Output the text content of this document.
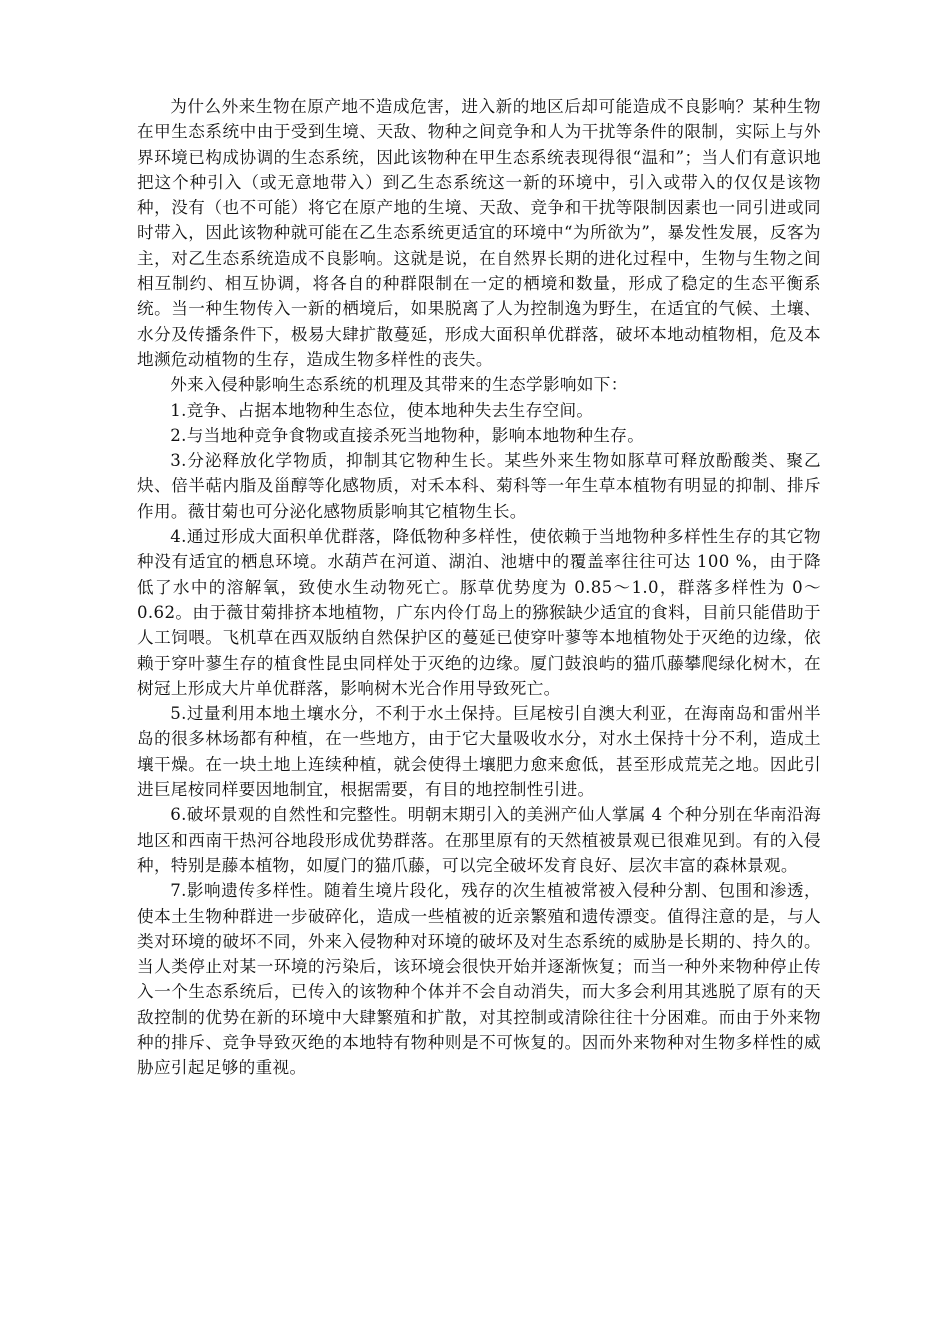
为什么外来生物在原产地不造成危害，进入新的地区后却可能造成不良影响？某种生物在甲生态系统中由于受到生境、天敌、物种之间竞争和人为干扰等条件的限制，实际上与外界环境已构成协调的生态系统，因此该物种在甲生态系统表现得很“温和”；当人们有意识地把这个种引入（或无意地带入）到乙生态系统这一新的环境中，引入或带入的仅仅是该物种，没有（也不可能）将它在原产地的生境、天敌、竞争和干扰等限制因素也一同引进或同时带入，因此该物种就可能在乙生态系统更适宜的环境中“为所欲为”，暴发性发展，反客为主，对乙生态系统造成不良影响。这就是说，在自然界长期的进化过程中，生物与生物之间相互制约、相互协调，将各自的种群限制在一定的栖境和数量，形成了稳定的生态平衡系统。当一种生物传入一新的栖境后，如果脱离了人为控制逸为野生，在适宜的气候、土壤、水分及传播条件下，极易大肆扩散蔓延，形成大面积单优群落，破坏本地动植物相，危及本地濒危动植物的生存，造成生物多样性的丧失。

外来入侵种影响生态系统的机理及其带来的生态学影响如下：

1.竞争、占据本地物种生态位，使本地种失去生存空间。

2.与当地种竞争食物或直接杀死当地物种，影响本地物种生存。

3.分泌释放化学物质，抑制其它物种生长。某些外来生物如豚草可释放酚酸类、聚乙炔、倍半萜内脂及甾醇等化感物质，对禾本科、菊科等一年生草本植物有明显的抑制、排斥作用。薇甘菊也可分泌化感物质影响其它植物生长。

4.通过形成大面积单优群落，降低物种多样性，使依赖于当地物种多样性生存的其它物种没有适宜的栖息环境。水葫芦在河道、湖泊、池塘中的覆盖率往往可达 100 %，由于降低了水中的溶解氧，致使水生动物死亡。豚草优势度为 0.85～1.0，群落多样性为 0～0.62。由于薇甘菊排挤本地植物，广东内伶仃岛上的猕猴缺少适宜的食料，目前只能借助于人工饲喂。飞机草在西双版纳自然保护区的蔓延已使穿叶蓼等本地植物处于灭绝的边缘，依赖于穿叶蓼生存的植食性昆虫同样处于灭绝的边缘。厦门鼓浪屿的猫爪藤攀爬绿化树木，在树冠上形成大片单优群落，影响树木光合作用导致死亡。

5.过量利用本地土壤水分，不利于水土保持。巨尾桉引自澳大利亚，在海南岛和雷州半岛的很多林场都有种植，在一些地方，由于它大量吸收水分，对水土保持十分不利，造成土壤干燥。在一块土地上连续种植，就会使得土壤肥力愈来愈低，甚至形成荒芜之地。因此引进巨尾桉同样要因地制宜，根据需要，有目的地控制性引进。

6.破坏景观的自然性和完整性。明朝末期引入的美洲产仙人掌属 4 个种分别在华南沿海地区和西南干热河谷地段形成优势群落。在那里原有的天然植被景观已很难见到。有的入侵种，特别是藤本植物，如厦门的猫爪藤，可以完全破坏发育良好、层次丰富的森林景观。

7.影响遗传多样性。随着生境片段化，残存的次生植被常被入侵种分割、包围和渗透，使本土生物种群进一步破碎化，造成一些植被的近亲繁殖和遗传漂变。值得注意的是，与人类对环境的破坏不同，外来入侵物种对环境的破坏及对生态系统的威胁是长期的、持久的。当人类停止对某一环境的污染后，该环境会很快开始并逐渐恢复；而当一种外来物种停止传入一个生态系统后，已传入的该物种个体并不会自动消失，而大多会利用其逃脱了原有的天敌控制的优势在新的环境中大肆繁殖和扩散，对其控制或清除往往十分困难。而由于外来物种的排斥、竞争导致灭绝的本地特有物种则是不可恢复的。因而外来物种对生物多样性的威胁应引起足够的重视。
